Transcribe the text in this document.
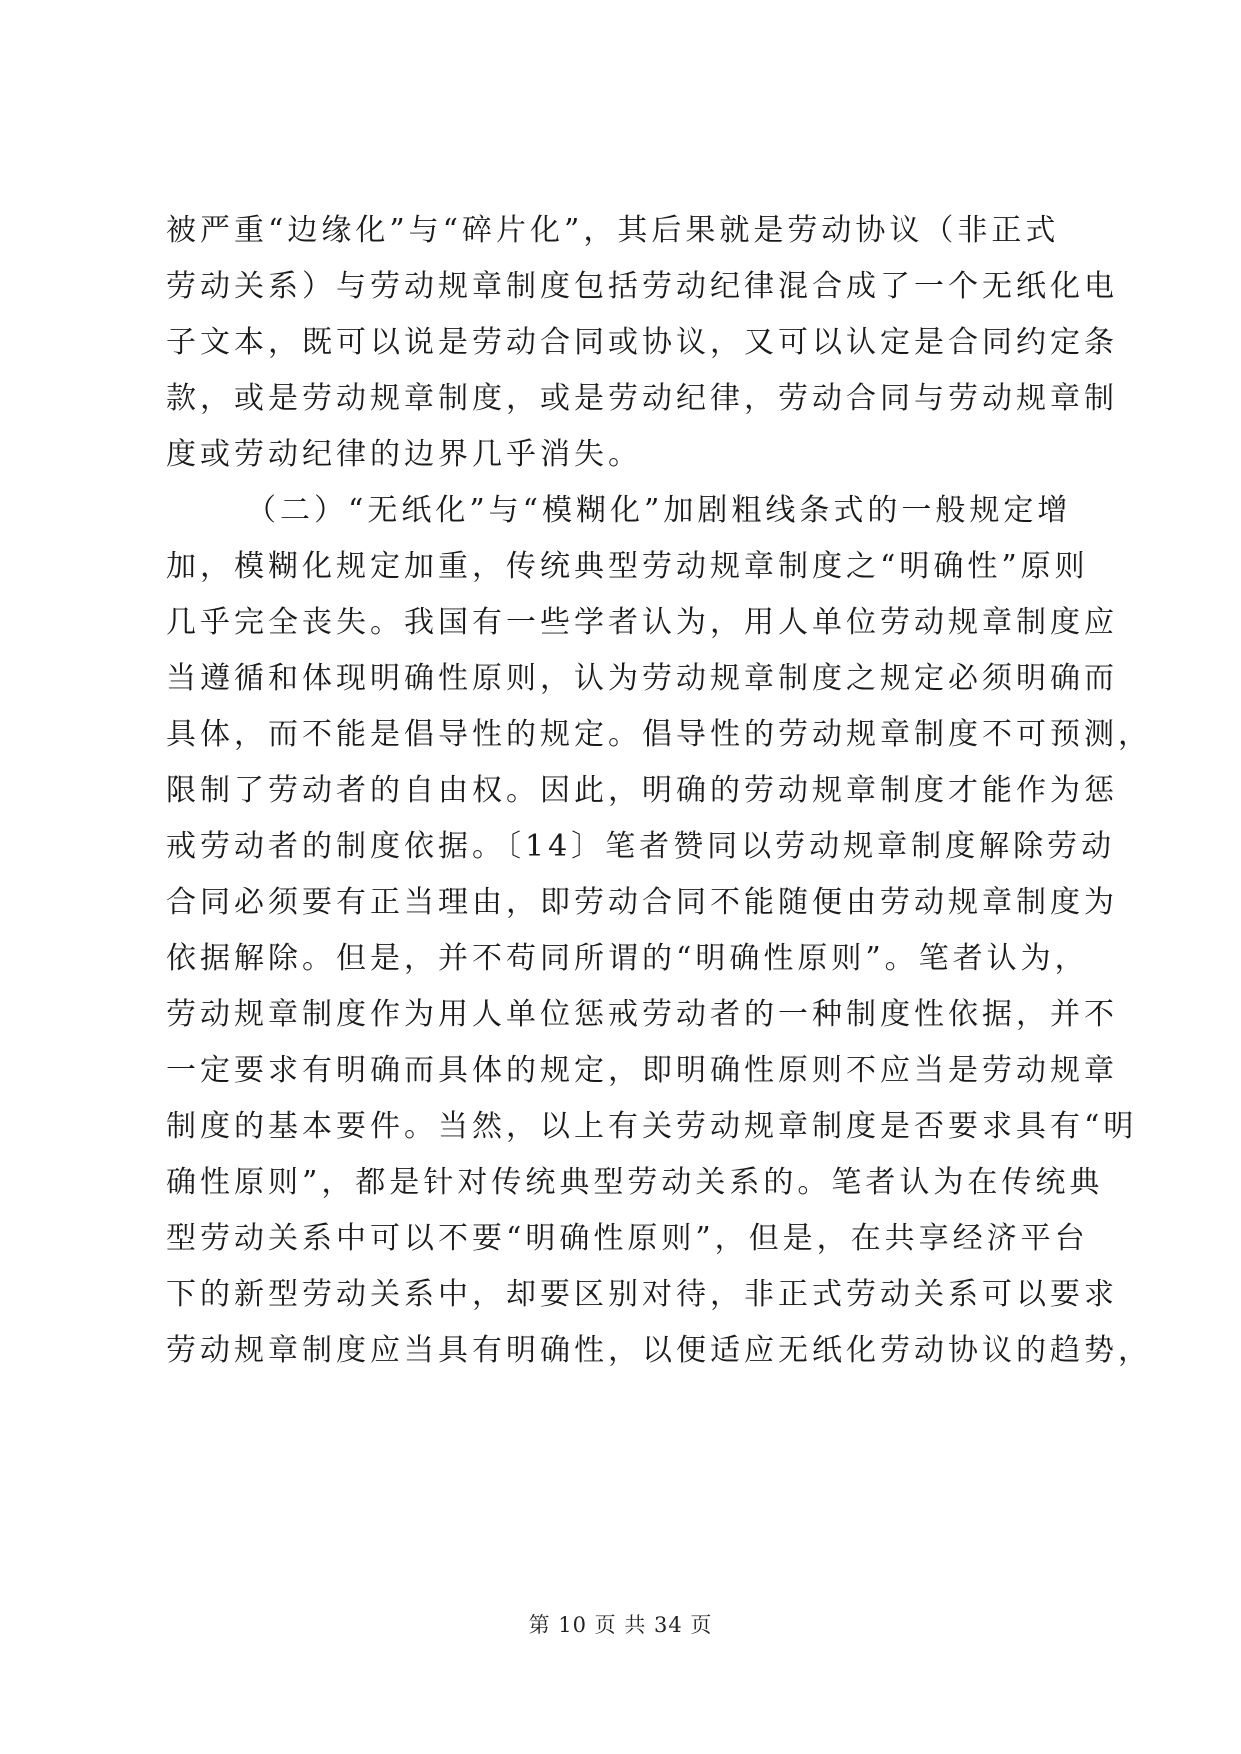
被严重“边缘化”与“碎片化”，其后果就是劳动协议（非正式
劳动关系）与劳动规章制度包括劳动纪律混合成了一个无纸化电
子文本，既可以说是劳动合同或协议，又可以认定是合同约定条
款，或是劳动规章制度，或是劳动纪律，劳动合同与劳动规章制
度或劳动纪律的边界几乎消失。
（二）“无纸化”与“模糊化”加剧粗线条式的一般规定增
加，模糊化规定加重，传统典型劳动规章制度之“明确性”原则
几乎完全丧失。我国有一些学者认为，用人单位劳动规章制度应
当遵循和体现明确性原则，认为劳动规章制度之规定必须明确而
具体，而不能是倡导性的规定。倡导性的劳动规章制度不可预测，
限制了劳动者的自由权。因此，明确的劳动规章制度才能作为惩
戒劳动者的制度依据。〔14〕笔者赞同以劳动规章制度解除劳动
合同必须要有正当理由，即劳动合同不能随便由劳动规章制度为
依据解除。但是，并不苟同所谓的“明确性原则”。笔者认为，
劳动规章制度作为用人单位惩戒劳动者的一种制度性依据，并不
一定要求有明确而具体的规定，即明确性原则不应当是劳动规章
制度的基本要件。当然，以上有关劳动规章制度是否要求具有“明
确性原则”，都是针对传统典型劳动关系的。笔者认为在传统典
型劳动关系中可以不要“明确性原则”，但是，在共享经济平台
下的新型劳动关系中，却要区别对待，非正式劳动关系可以要求
劳动规章制度应当具有明确性，以便适应无纸化劳动协议的趋势，
第 10 页 共 34 页
